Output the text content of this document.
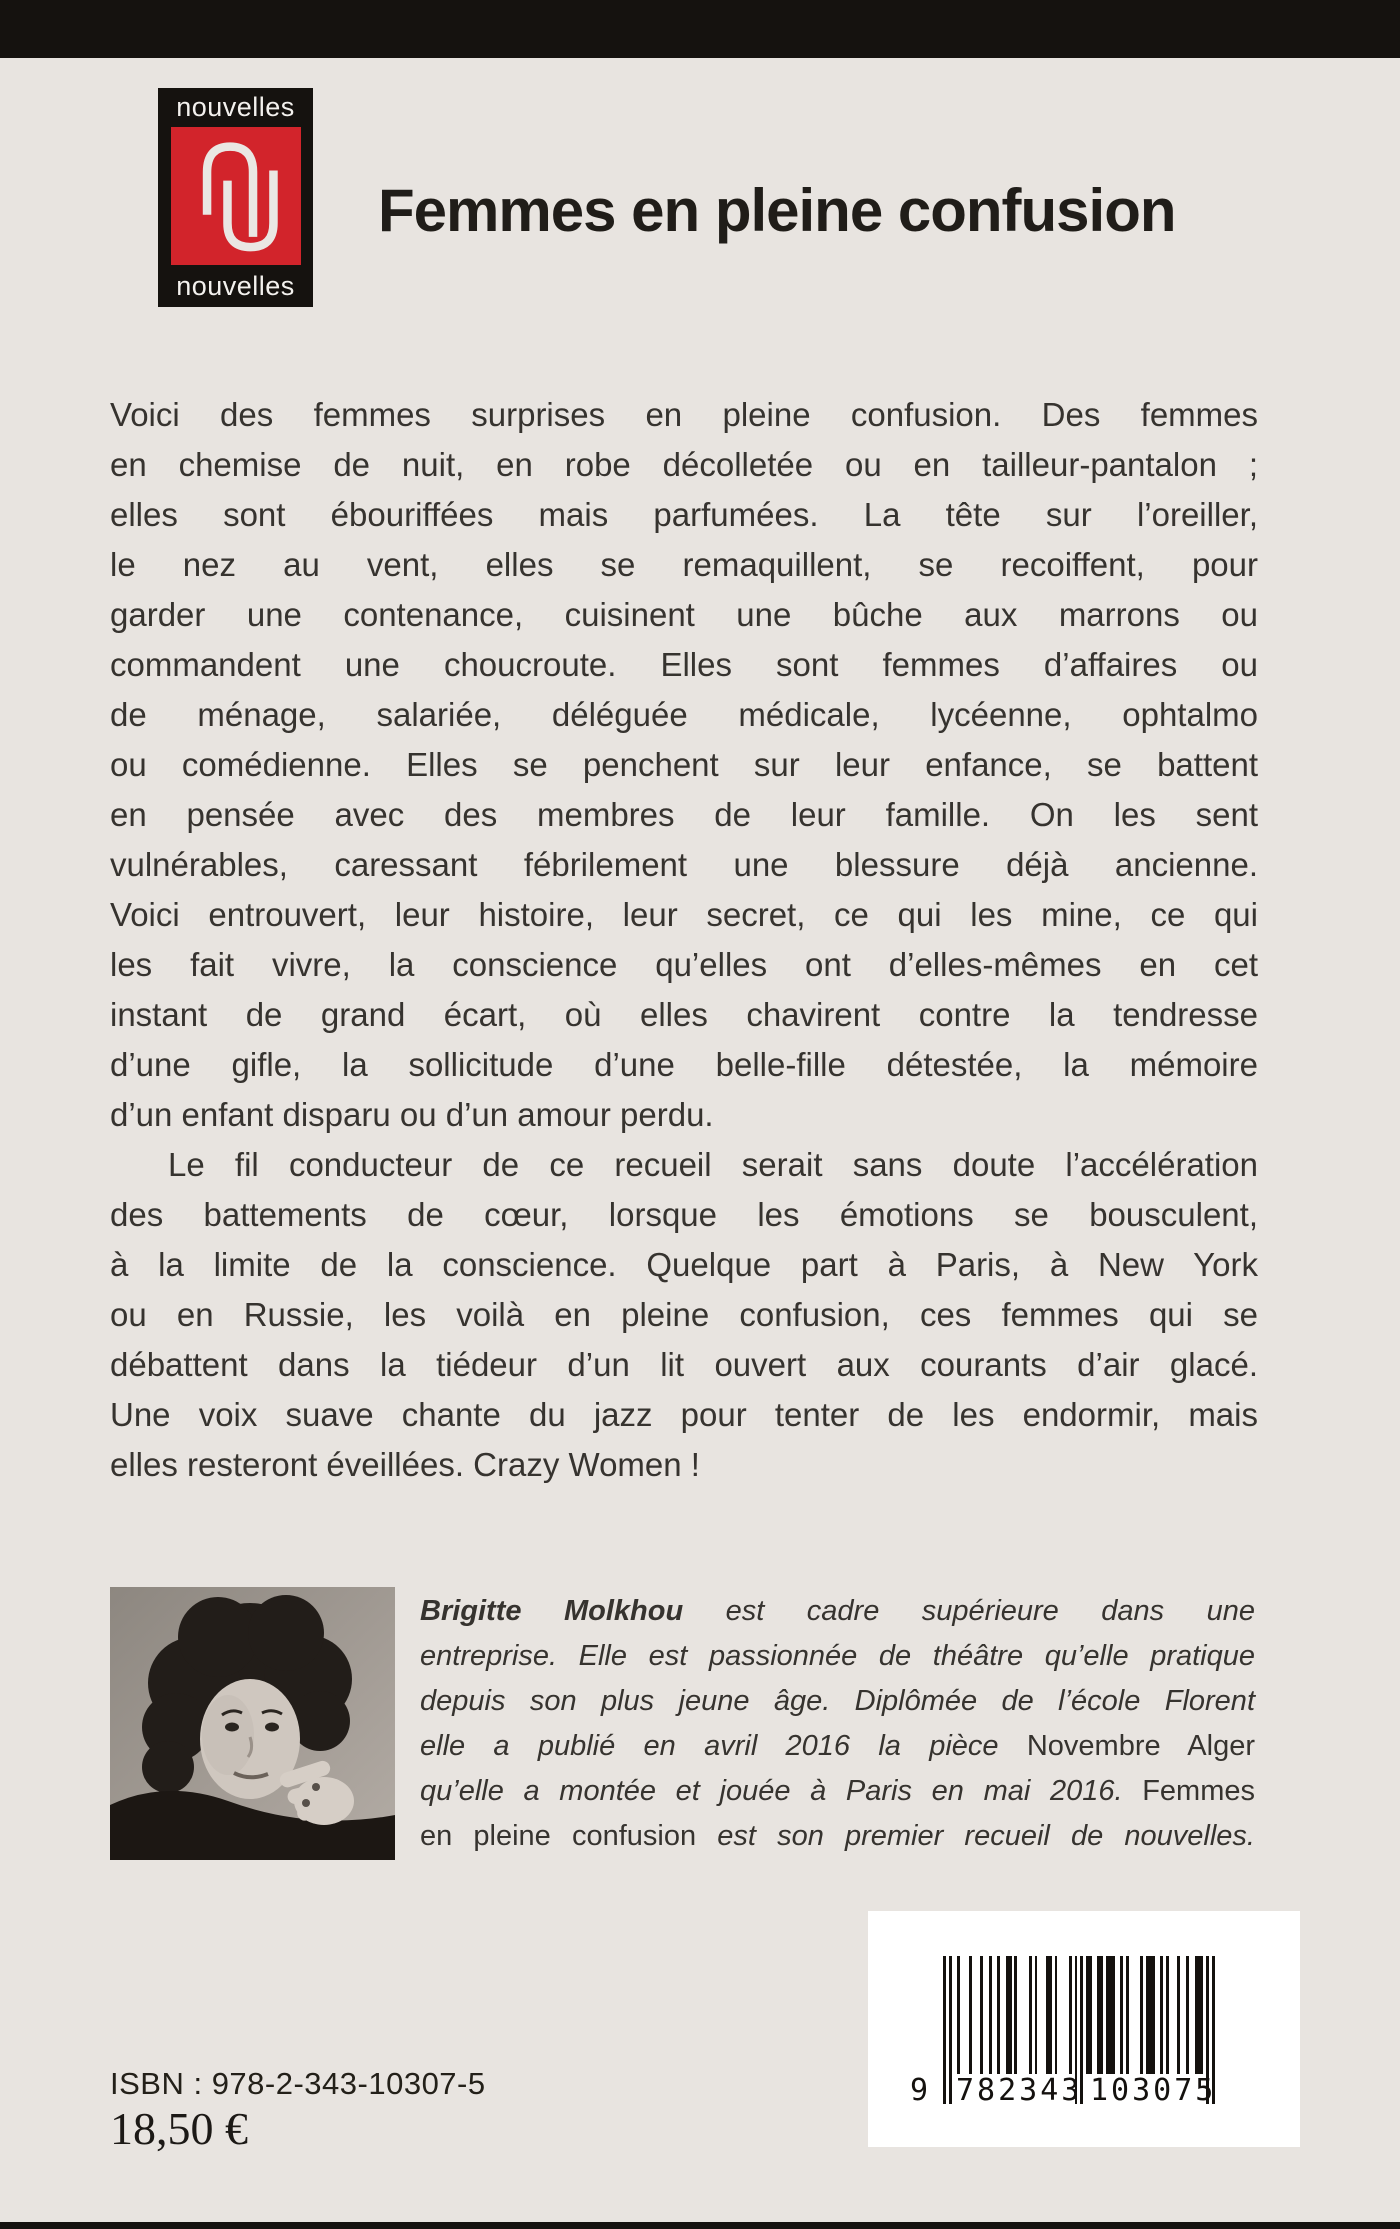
nouvelles
nouvelles
Femmes en pleine confusion
Voici des femmes surprises en pleine confusion. Des femmes
en chemise de nuit, en robe décolletée ou en tailleur-pantalon ;
elles sont ébouriffées mais parfumées. La tête sur l’oreiller,
le nez au vent, elles se remaquillent, se recoiffent, pour
garder une contenance, cuisinent une bûche aux marrons ou
commandent une choucroute. Elles sont femmes d’affaires ou
de ménage, salariée, déléguée médicale, lycéenne, ophtalmo
ou comédienne. Elles se penchent sur leur enfance, se battent
en pensée avec des membres de leur famille. On les sent
vulnérables, caressant fébrilement une blessure déjà ancienne.
Voici entrouvert, leur histoire, leur secret, ce qui les mine, ce qui
les fait vivre, la conscience qu’elles ont d’elles-mêmes en cet
instant de grand écart, où elles chavirent contre la tendresse
d’une gifle, la sollicitude d’une belle-fille détestée, la mémoire
d’un enfant disparu ou d’un amour perdu.
Le fil conducteur de ce recueil serait sans doute l’accélération
des battements de cœur, lorsque les émotions se bousculent,
à la limite de la conscience. Quelque part à Paris, à New York
ou en Russie, les voilà en pleine confusion, ces femmes qui se
débattent dans la tiédeur d’un lit ouvert aux courants d’air glacé.
Une voix suave chante du jazz pour tenter de les endormir, mais
elles resteront éveillées. Crazy Women !
Brigitte Molkhou est cadre supérieure dans une
entreprise. Elle est passionnée de théâtre qu’elle pratique
depuis son plus jeune âge. Diplômée de l’école Florent
elle a publié en avril 2016 la pièce Novembre Alger
qu’elle a montée et jouée à Paris en mai 2016. Femmes
en pleine confusion est son premier recueil de nouvelles.
ISBN : 978-2-343-10307-5
18,50 €
9 782343 103075
